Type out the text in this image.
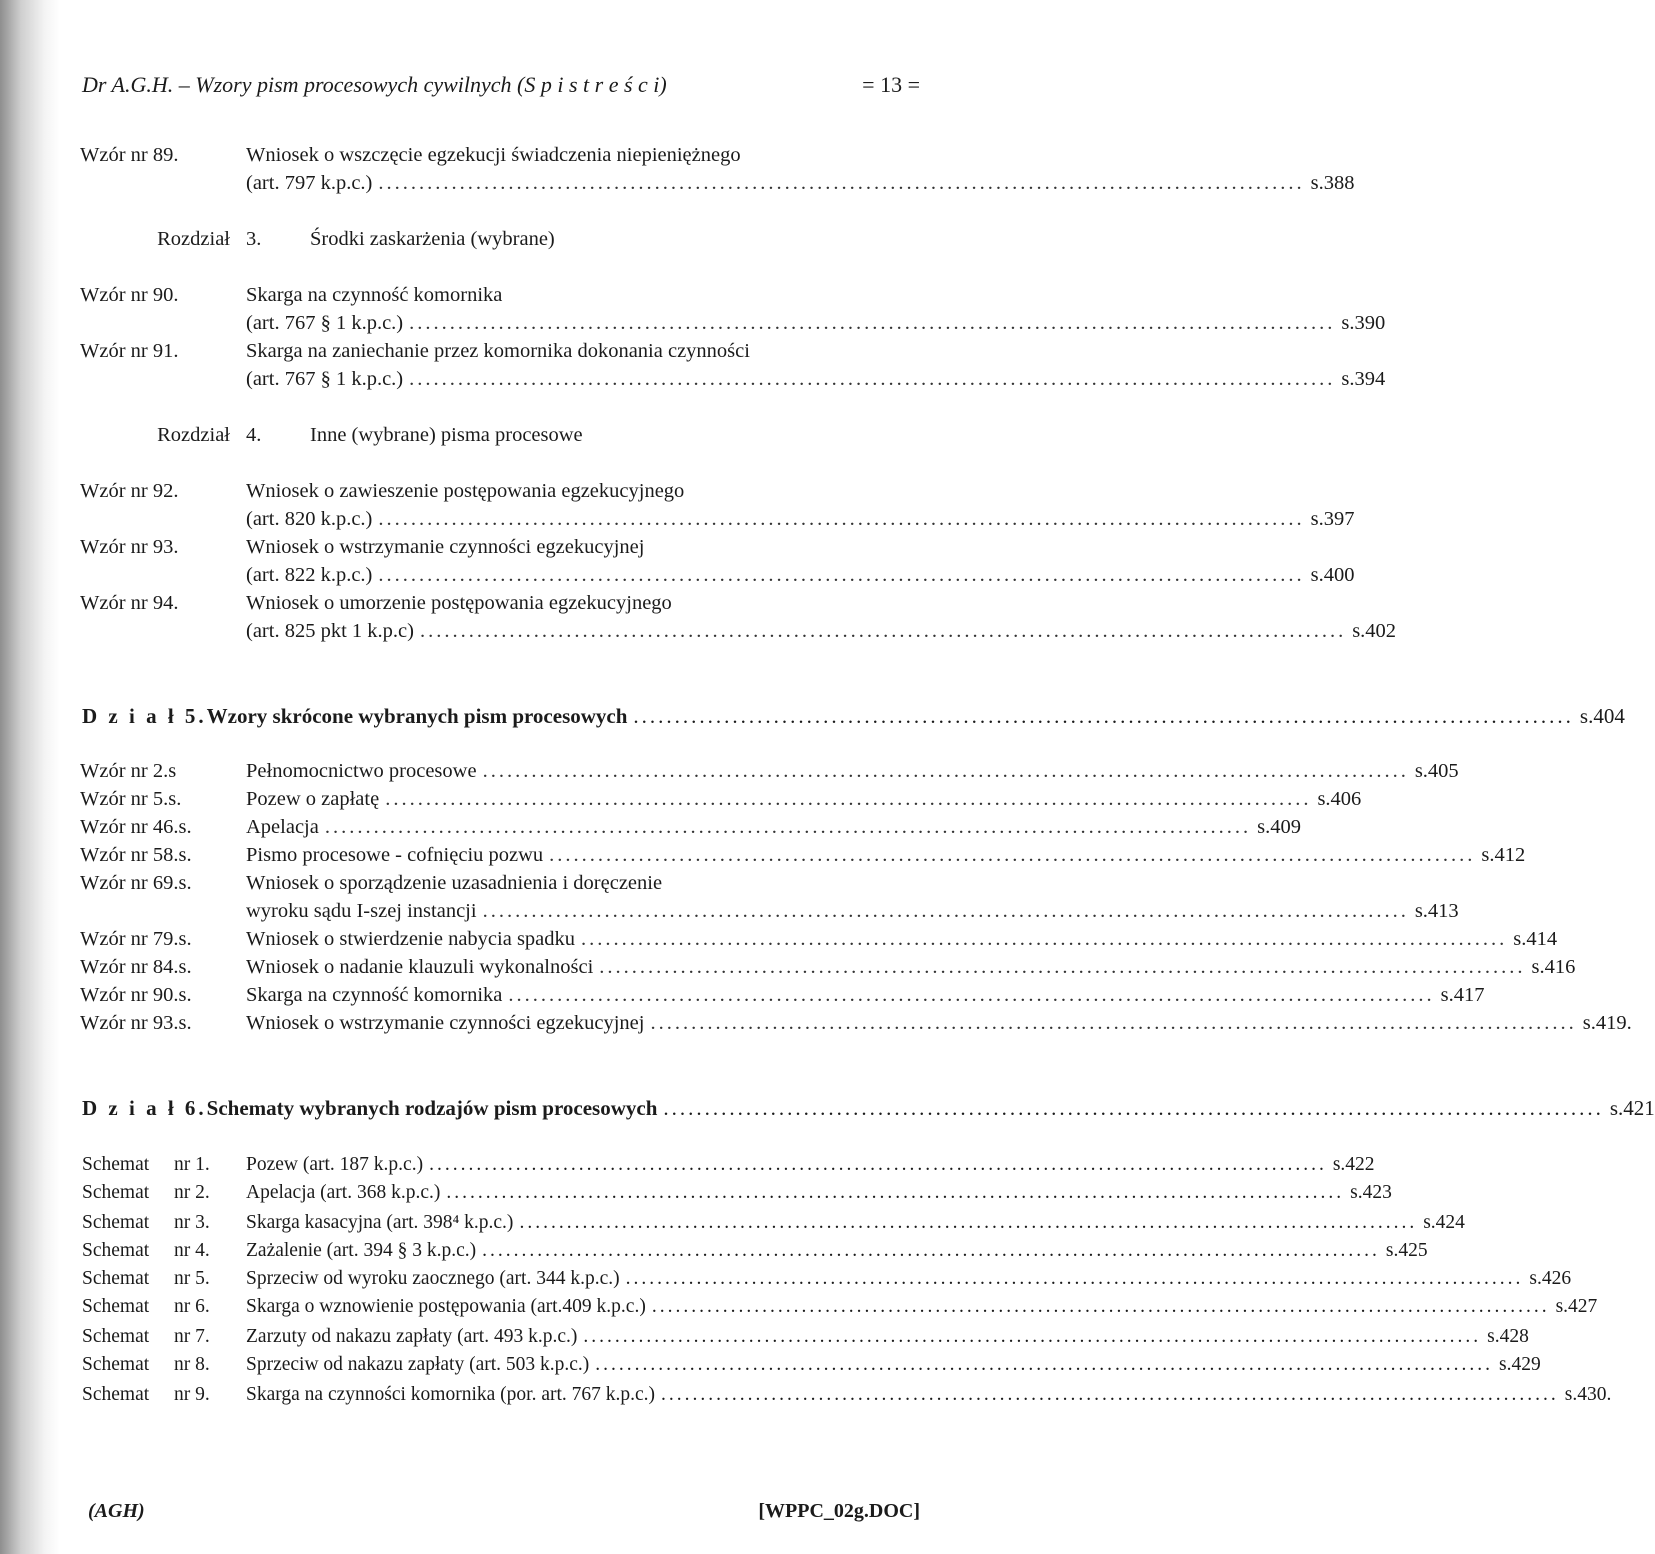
Dr A.G.H. – Wzory pism procesowych cywilnych (S p i s t r e ś c i)	= 13 =
Wzór nr 89.	Wniosek o wszczęcie egzekucji świadczenia niepieniężnego
(art. 797 k.p.c.) .................................................................................................................. s.388
Rozdział 3.	Środki zaskarżenia (wybrane)
Wzór nr 90.	Skarga na czynność komornika
(art. 767 § 1 k.p.c.) .................................................................................................................. s.390
Wzór nr 91.	Skarga na zaniechanie przez komornika dokonania czynności
(art. 767 § 1 k.p.c.) .................................................................................................................. s.394
Rozdział 4.	Inne (wybrane) pisma procesowe
Wzór nr 92.	Wniosek o zawieszenie postępowania egzekucyjnego
(art. 820 k.p.c.) .................................................................................................................. s.397
Wzór nr 93.	Wniosek o wstrzymanie czynności egzekucyjnej
(art. 822 k.p.c.) .................................................................................................................. s.400
Wzór nr 94.	Wniosek o umorzenie postępowania egzekucyjnego
(art. 825 pkt 1 k.p.c) .................................................................................................................. s.402
D z i a ł 5. Wzory skrócone wybranych pism procesowych .................................................................................................................. s.404
Wzór nr 2.s	Pełnomocnictwo procesowe .................................................................................................................. s.405
Wzór nr 5.s.	Pozew o zapłatę .................................................................................................................. s.406
Wzór nr 46.s.	Apelacja .................................................................................................................. s.409
Wzór nr 58.s.	Pismo procesowe - cofnięciu pozwu .................................................................................................................. s.412
Wzór nr 69.s.	Wniosek o sporządzenie uzasadnienia i doręczenie
wyroku sądu I-szej instancji .................................................................................................................. s.413
Wzór nr 79.s.	Wniosek o stwierdzenie nabycia spadku .................................................................................................................. s.414
Wzór nr 84.s.	Wniosek o nadanie klauzuli wykonalności .................................................................................................................. s.416
Wzór nr 90.s.	Skarga na czynność komornika .................................................................................................................. s.417
Wzór nr 93.s.	Wniosek o wstrzymanie czynności egzekucyjnej .................................................................................................................. s.419.
D z i a ł 6. Schematy wybranych rodzajów pism procesowych .................................................................................................................. s.421
Schemat	nr 1.	Pozew (art. 187 k.p.c.) .................................................................................................................. s.422
Schemat	nr 2.	Apelacja (art. 368 k.p.c.) .................................................................................................................. s.423
Schemat	nr 3.	Skarga kasacyjna (art. 398⁴ k.p.c.) .................................................................................................................. s.424
Schemat	nr 4.	Zażalenie (art. 394 § 3 k.p.c.) .................................................................................................................. s.425
Schemat	nr 5.	Sprzeciw od wyroku zaocznego (art. 344 k.p.c.) .................................................................................................................. s.426
Schemat	nr 6.	Skarga o wznowienie postępowania (art.409 k.p.c.) .................................................................................................................. s.427
Schemat	nr 7.	Zarzuty od nakazu zapłaty (art. 493 k.p.c.) .................................................................................................................. s.428
Schemat	nr 8.	Sprzeciw od nakazu zapłaty (art. 503 k.p.c.) .................................................................................................................. s.429
Schemat	nr 9.	Skarga na czynności komornika (por. art. 767 k.p.c.) .................................................................................................................. s.430.
(AGH)	[WPPC_02g.DOC]
